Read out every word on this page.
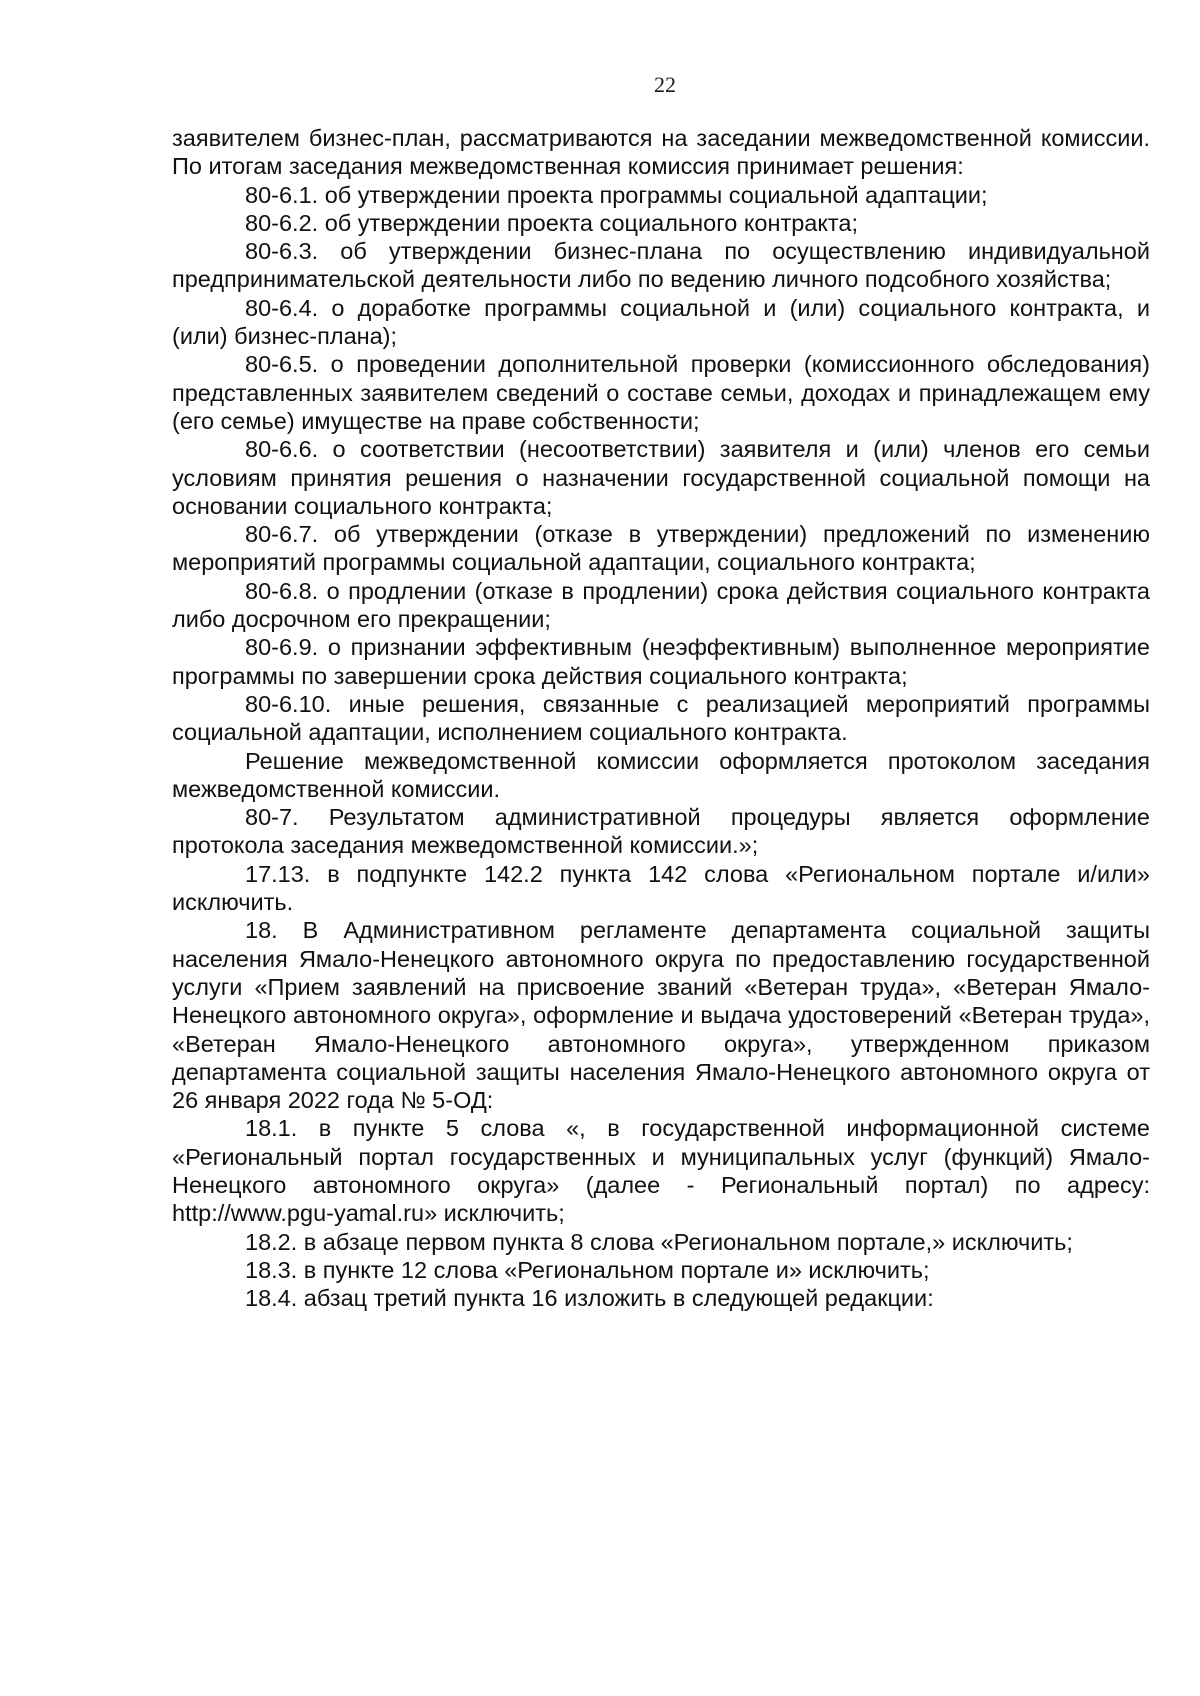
22

заявителем бизнес-план, рассматриваются на заседании межведомственной комиссии. По итогам заседания межведомственная комиссия принимает решения:

80-6.1. об утверждении проекта программы социальной адаптации;

80-6.2. об утверждении проекта социального контракта;

80-6.3. об утверждении бизнес-плана по осуществлению индивидуальной предпринимательской деятельности либо по ведению личного подсобного хозяйства;

80-6.4. о доработке программы социальной и (или) социального контракта, и (или) бизнес-плана);

80-6.5. о проведении дополнительной проверки (комиссионного обследования) представленных заявителем сведений о составе семьи, доходах и принадлежащем ему (его семье) имуществе на праве собственности;

80-6.6. о соответствии (несоответствии) заявителя и (или) членов его семьи условиям принятия решения о назначении государственной социальной помощи на основании социального контракта;

80-6.7. об утверждении (отказе в утверждении) предложений по изменению мероприятий программы социальной адаптации, социального контракта;

80-6.8. о продлении (отказе в продлении) срока действия социального контракта либо досрочном его прекращении;

80-6.9. о признании эффективным (неэффективным) выполненное мероприятие программы по завершении срока действия социального контракта;

80-6.10. иные решения, связанные с реализацией мероприятий программы социальной адаптации, исполнением социального контракта.

Решение межведомственной комиссии оформляется протоколом заседания межведомственной комиссии.

80-7. Результатом административной процедуры является оформление протокола заседания межведомственной комиссии.»;

17.13. в подпункте 142.2 пункта 142 слова «Региональном портале и/или» исключить.

18. В Административном регламенте департамента социальной защиты населения Ямало-Ненецкого автономного округа по предоставлению государственной услуги «Прием заявлений на присвоение званий «Ветеран труда», «Ветеран Ямало-Ненецкого автономного округа», оформление и выдача удостоверений «Ветеран труда», «Ветеран Ямало-Ненецкого автономного округа», утвержденном приказом департамента социальной защиты населения Ямало-Ненецкого автономного округа от 26 января 2022 года № 5-ОД:

18.1. в пункте 5 слова «, в государственной информационной системе «Региональный портал государственных и муниципальных услуг (функций) Ямало-Ненецкого автономного округа» (далее - Региональный портал) по адресу: http://www.pgu-yamal.ru» исключить;

18.2. в абзаце первом пункта 8 слова «Региональном портале,» исключить;

18.3. в пункте 12 слова «Региональном портале и» исключить;

18.4. абзац третий пункта 16 изложить в следующей редакции:
